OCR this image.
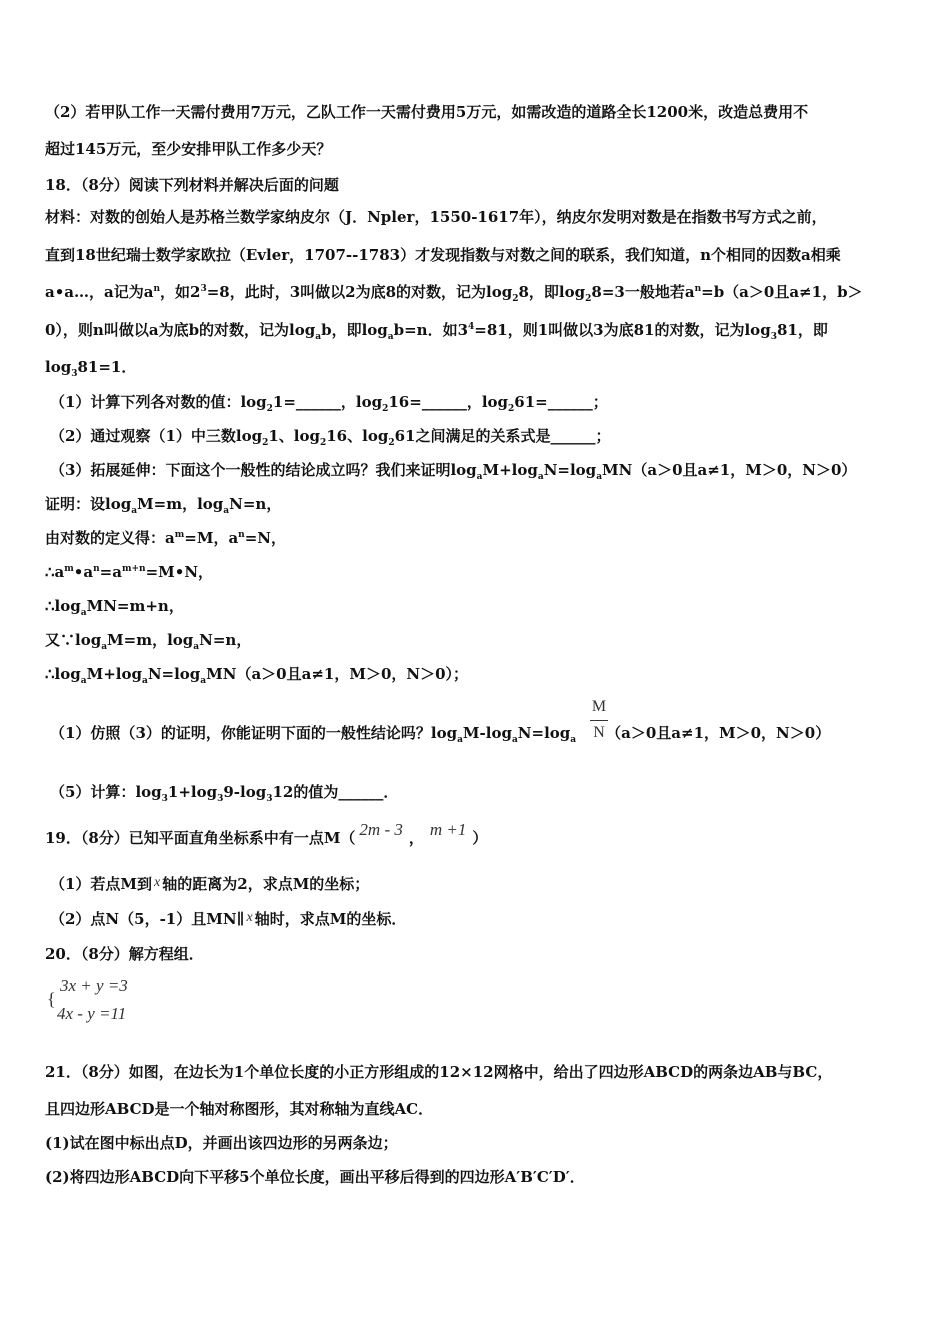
（2）若甲队工作一天需付费用7万元，乙队工作一天需付费用5万元，如需改造的道路全长1200米，改造总费用不
超过145万元，至少安排甲队工作多少天？
18．（8分）阅读下列材料并解决后面的问题
材料：对数的创始人是苏格兰数学家纳皮尔（J．Npler，1550-1617年），纳皮尔发明对数是在指数书写方式之前，
直到18世纪瑞士数学家欧拉（Evler，1707--1783）才发现指数与对数之间的联系，我们知道，n个相同的因数a相乘
a•a…，a记为$a^n$，如$2^3=8$，此时，3叫做以2为底8的对数，记为$\log_28$，即$\log_28=3$一般地若$a^n=b(a>0$且a≠1，b＞
0），则n叫做以a为底b的对数，记为$\log_ab$，即$\log_ab=n$．如$3^4=81$，则1叫做以3为底81的对数，记为$\log_381$，即
$\log_381=1$．
（1）计算下列各对数的值：$\log_21=\_\_\_\_\_\_$，$\log_216=\_\_\_\_\_\_$，$\log_261=\_\_\_\_\_\_$；
（2）通过观察（1）中三数$\log_21$、$\log_216$、$\log_261$之间满足的关系式是______；
（3）拓展延伸：下面这个一般性的结论成立吗？我们来证明$\log_aM+\log_aN=\log_aMN(a>0$且a≠1，M＞0，N＞0）
证明：设$\log_aM=m$，$\log_aN=n$，
由对数的定义得：$a^m=M$，$a^n=N$，
$\therefore a^m•a^n=a^{m+n}=M•N$，
$\therefore\log_aMN=m+n$，
又$\because\log_aM=m$，$\log_aN=n$，
$\therefore\log_aM+\log_aN=\log_aMN(a>0$且a≠1，M＞0，N＞0）；
（1）仿照（3）的证明，你能证明下面的一般性结论吗？$\log_aM-\log_aN=\log_a$ （a＞0且a≠1，M＞0，N＞0）
M
N
（5）计算：$\log_31+\log_39-\log_312$的值为______．
19．（8分）已知平面直角坐标系中有一点M（ 2m - 3 ， m +1 ）
（1）若点M到 x 轴的距离为2，求点M的坐标；
（2）点N（5，-1）且MN∥ x 轴时，求点M的坐标．
20．（8分）解方程组．
{
3x + y =3
4x - y =11
21．（8分）如图，在边长为1个单位长度的小正方形组成的12×12网格中，给出了四边形ABCD的两条边AB与BC，
且四边形ABCD是一个轴对称图形，其对称轴为直线AC．
(1)试在图中标出点D，并画出该四边形的另两条边；
(2)将四边形ABCD向下平移5个单位长度，画出平移后得到的四边形A′B′C′D′．
